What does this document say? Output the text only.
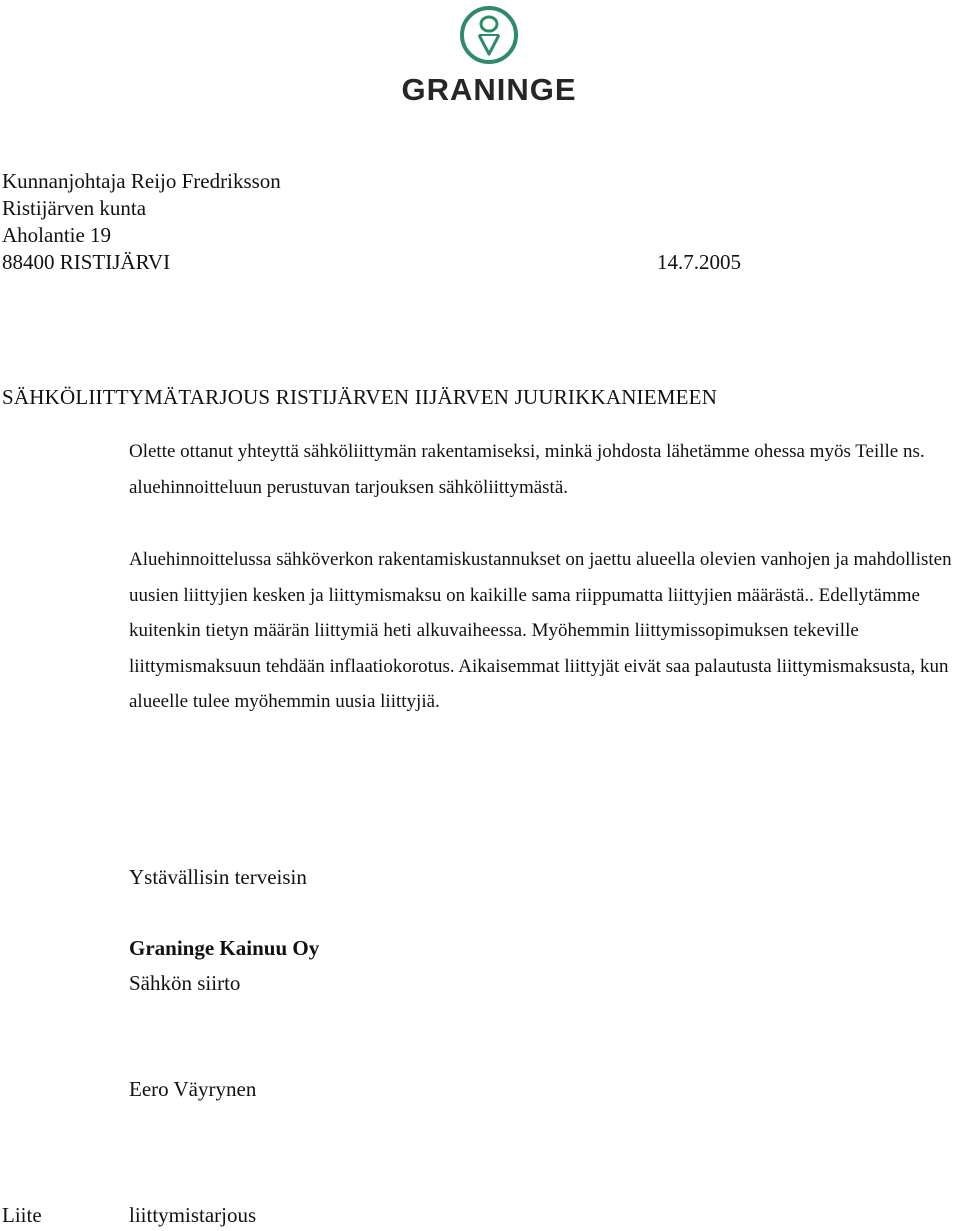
GRANINGE
Kunnanjohtaja Reijo Fredriksson
Ristijärven kunta
Aholantie 19
88400 RISTIJÄRVI	14.7.2005
SÄHKÖLIITTYMÄTARJOUS RISTIJÄRVEN IIJÄRVEN JUURIKKANIEMEEN
Olette ottanut yhteyttä sähköliittymän rakentamiseksi, minkä johdosta lähetämme ohessa myös Teille ns. aluehinnoitteluun perustuvan tarjouksen sähköliittymästä.
Aluehinnoittelussa sähköverkon rakentamiskustannukset on jaettu alueella olevien vanhojen ja mahdollisten uusien liittyjien kesken ja liittymismaksu on kaikille sama riippumatta liittyjien määrästä.. Edellytämme kuitenkin tietyn määrän liittymiä heti alkuvaiheessa. Myöhemmin liittymissopimuksen tekeville liittymismaksuun tehdään inflaatiokorotus. Aikaisemmat liittyjät eivät saa palautusta liittymismaksusta, kun alueelle tulee myöhemmin uusia liittyjiä.
Ystävällisin terveisin
Graninge Kainuu Oy
Sähkön siirto
Eero Väyrynen
Liite	liittymistarjous
